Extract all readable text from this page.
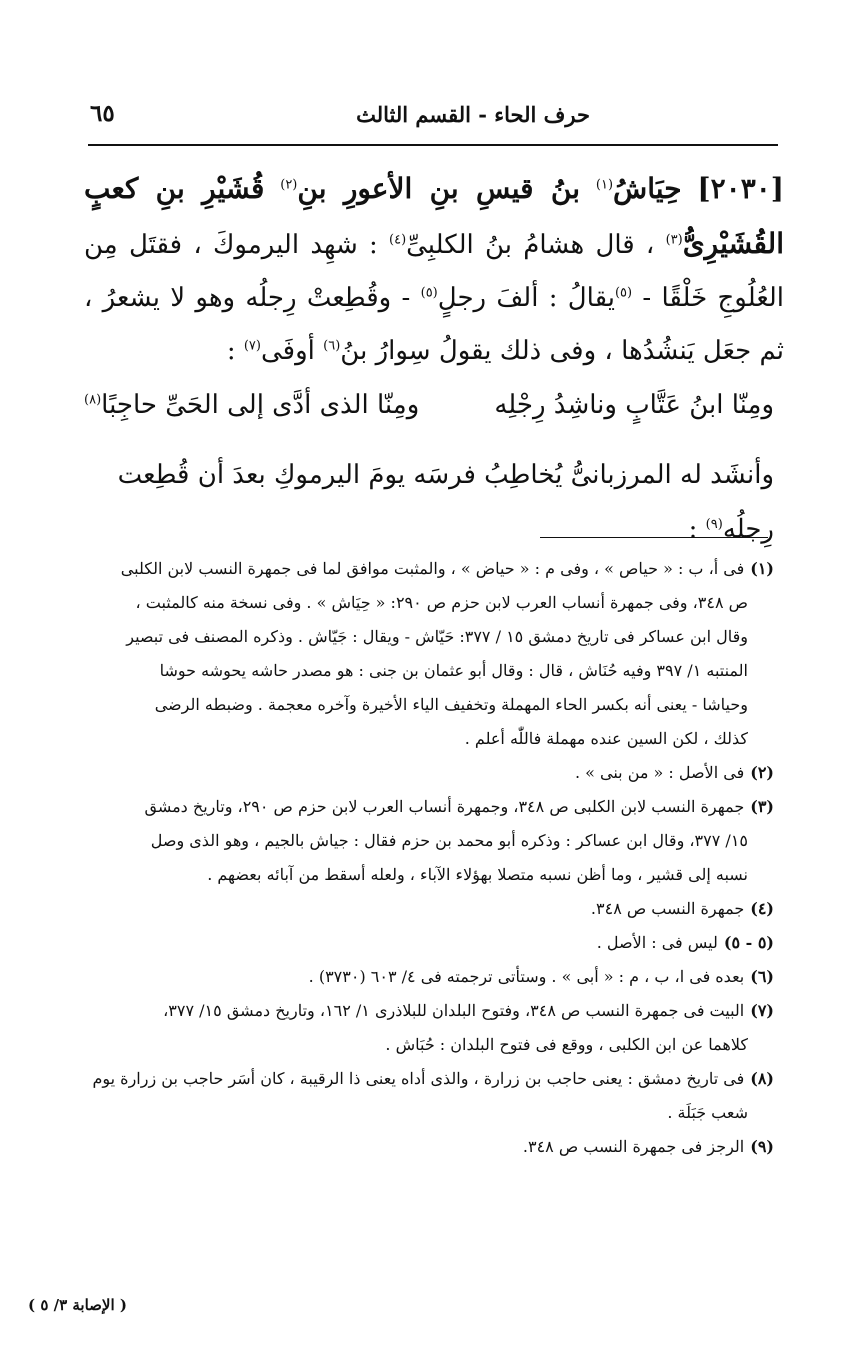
حرف الحاء - القسم الثالث
٦٥
[٢٠٣٠] حِيَاشُ$^{(١)}$ بنُ قيسِ بنِ الأعورِ بنِ$^{(٢)}$ قُشَيْرِ بنِ كعبٍ القُشَيْرِىُّ$^{(٣)}$ ، قال هشامُ بنُ الكلبِىِّ$^{(٤)}$ : شهِد اليرموكَ ، فقتَل مِن العُلُوجِ خَلْقًا - $^{(٥)}$يقالُ : ألفَ رجلٍ$^{(٥)}$ - وقُطِعتْ رِجلُه وهو لا يشعرُ ، ثم جعَل يَنشُدُها ، وفى ذلك يقولُ سِوارُ بنُ$^{(٦)}$ أوفَى$^{(٧)}$ :
ومِنّا ابنُ عَتَّابٍ وناشِدُ رِجْلِه
ومِنّا الذى أدَّى إلى الحَىِّ حاجِبًا$^{(٨)}$
وأنشَد له المرزبانىُّ يُخاطِبُ فرسَه يومَ اليرموكِ بعدَ أن قُطِعت رِجلُه$^{(٩)}$ :
(١)فى أ، ب : « حياص » ، وفى م : « حياض » ، والمثبت موافق لما فى جمهرة النسب لابن الكلبى
ص ٣٤٨، وفى جمهرة أنساب العرب لابن حزم ص ٢٩٠: « حِيَاش » . وفى نسخة منه كالمثبت ،
وقال ابن عساكر فى تاريخ دمشق ١٥ / ٣٧٧: حَيّاش - ويقال : جَيّاش . وذكره المصنف فى تبصير
المنتبه ١/ ٣٩٧ وفيه حُنَاش ، قال : وقال أبو عثمان بن جنى : هو مصدر حاشه يحوشه حوشا
وحياشا - يعنى أنه بكسر الحاء المهملة وتخفيف الياء الأخيرة وآخره معجمة . وضبطه الرضى
كذلك ، لكن السين عنده مهملة فاللّٰه أعلم .
(٢)فى الأصل : « من بنى » .
(٣)جمهرة النسب لابن الكلبى ص ٣٤٨، وجمهرة أنساب العرب لابن حزم ص ٢٩٠، وتاريخ دمشق
١٥/ ٣٧٧، وقال ابن عساكر : وذكره أبو محمد بن حزم فقال : جياش بالجيم ، وهو الذى وصل
نسبه إلى قشير ، وما أظن نسبه متصلا بهؤلاء الآباء ، ولعله أسقط من آبائه بعضهم .
(٤)جمهرة النسب ص ٣٤٨.
(٥ - ٥)ليس فى : الأصل .
(٦)بعده فى ا، ب ، م : « أبى » . وستأتى ترجمته فى ٤/ ٦٠٣ (٣٧٣٠) .
(٧)البيت فى جمهرة النسب ص ٣٤٨، وفتوح البلدان للبلاذرى ١/ ١٦٢، وتاريخ دمشق ١٥/ ٣٧٧،
كلاهما عن ابن الكلبى ، ووقع فى فتوح البلدان : حُبَاش .
(٨)فى تاريخ دمشق : يعنى حاجب بن زرارة ، والذى أداه يعنى ذا الرقيبة ، كان أسَر حاجب بن زرارة يوم
شعب جَبَلَة .
(٩)الرجز فى جمهرة النسب ص ٣٤٨.
( الإصابة ٣/ ٥ )
